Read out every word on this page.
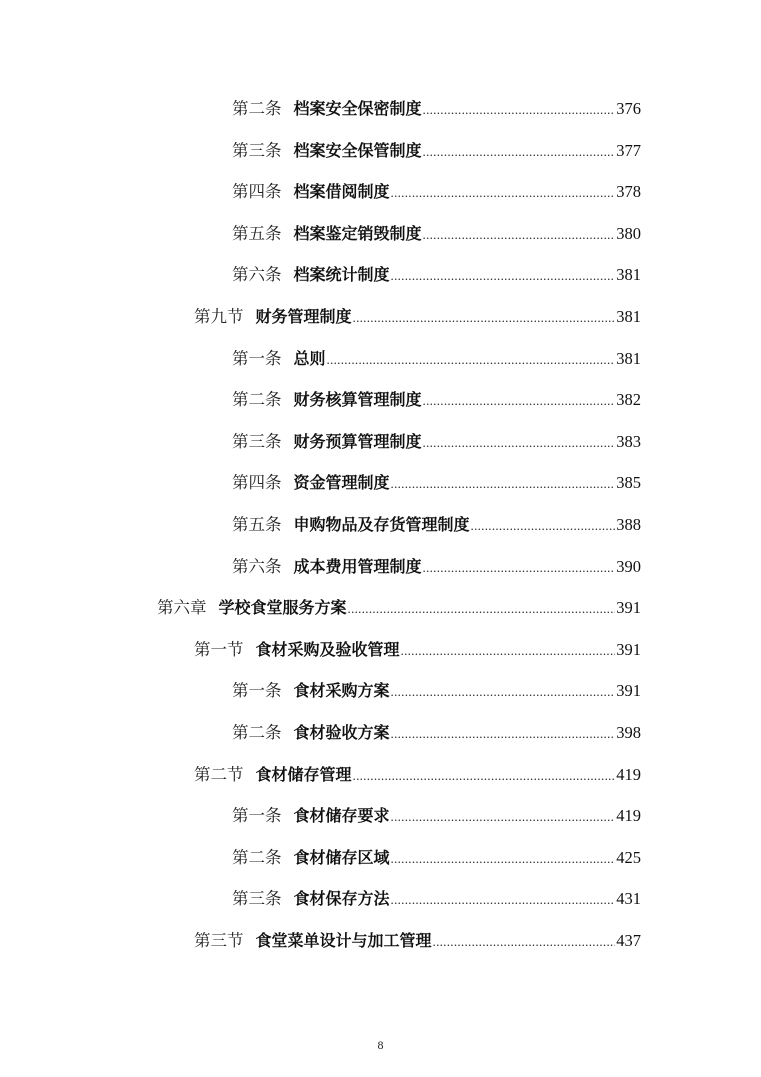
第二条 档案安全保密制度 .....	376
第三条 档案安全保管制度 .....	377
第四条 档案借阅制度 .....	378
第五条 档案鉴定销毁制度 .....	380
第六条 档案统计制度 .....	381
第九节 财务管理制度 .....	381
第一条 总则 .....	381
第二条 财务核算管理制度 .....	382
第三条 财务预算管理制度 .....	383
第四条 资金管理制度 .....	385
第五条 申购物品及存货管理制度 .....	388
第六条 成本费用管理制度 .....	390
第六章 学校食堂服务方案 .....	391
第一节 食材采购及验收管理 .....	391
第一条 食材采购方案 .....	391
第二条 食材验收方案 .....	398
第二节 食材储存管理 .....	419
第一条 食材储存要求 .....	419
第二条 食材储存区域 .....	425
第三条 食材保存方法 .....	431
第三节 食堂菜单设计与加工管理 .....	437
8
